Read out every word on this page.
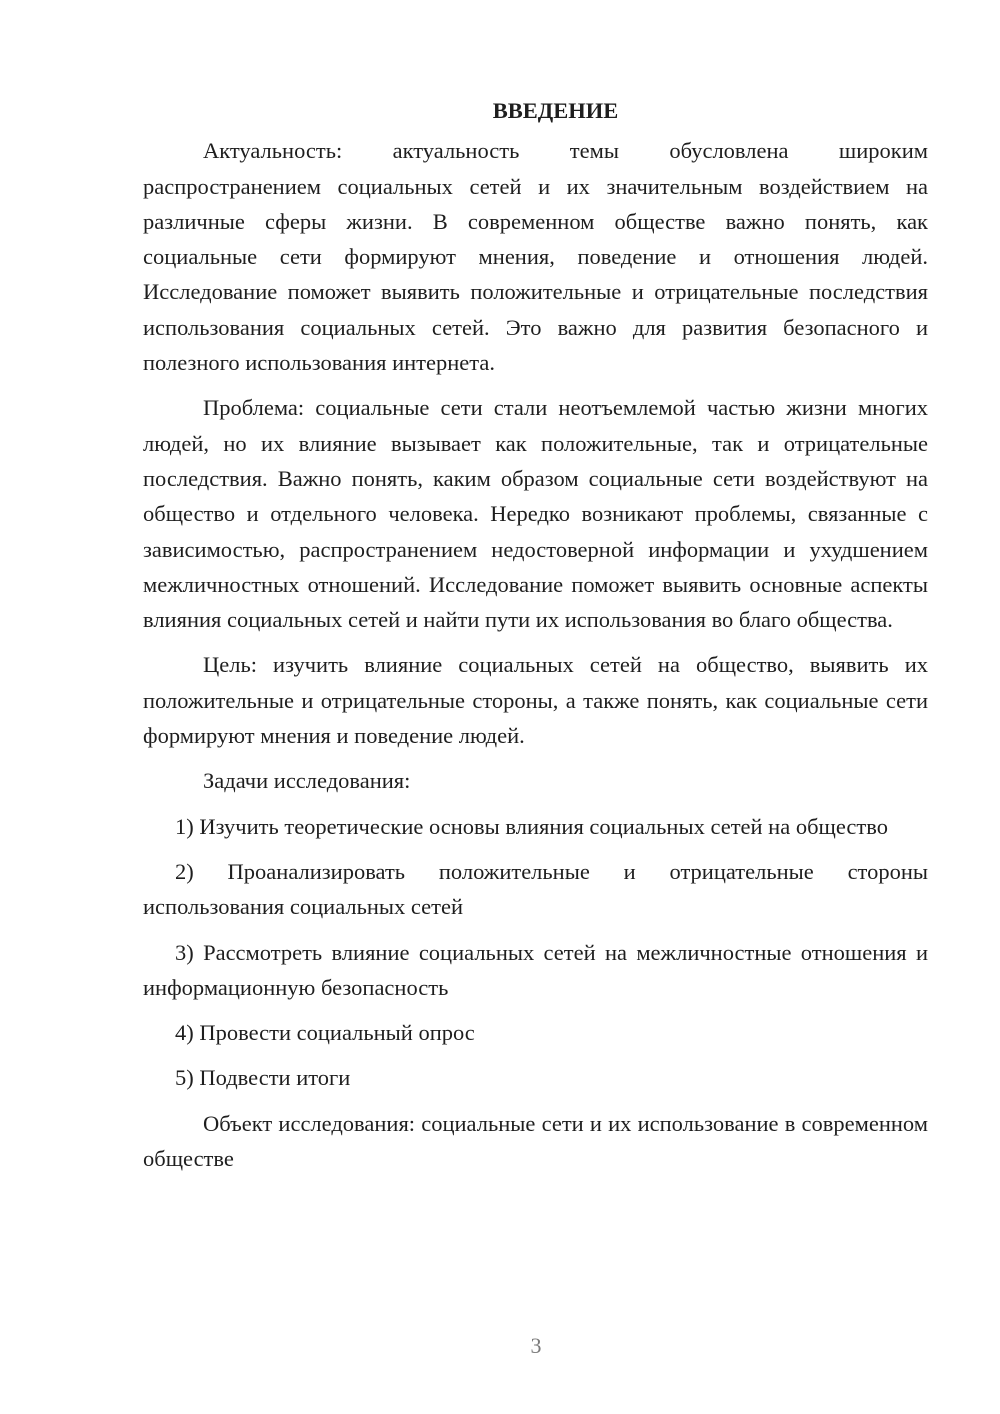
ВВЕДЕНИЕ

Актуальность: актуальность темы обусловлена широким распространением социальных сетей и их значительным воздействием на различные сферы жизни. В современном обществе важно понять, как социальные сети формируют мнения, поведение и отношения людей. Исследование поможет выявить положительные и отрицательные последствия использования социальных сетей. Это важно для развития безопасного и полезного использования интернета.

Проблема: социальные сети стали неотъемлемой частью жизни многих людей, но их влияние вызывает как положительные, так и отрицательные последствия. Важно понять, каким образом социальные сети воздействуют на общество и отдельного человека. Нередко возникают проблемы, связанные с зависимостью, распространением недостоверной информации и ухудшением межличностных отношений. Исследование поможет выявить основные аспекты влияния социальных сетей и найти пути их использования во благо общества.

Цель: изучить влияние социальных сетей на общество, выявить их положительные и отрицательные стороны, а также понять, как социальные сети формируют мнения и поведение людей.

Задачи исследования:

1) Изучить теоретические основы влияния социальных сетей на общество

2) Проанализировать положительные и отрицательные стороны использования социальных сетей

3) Рассмотреть влияние социальных сетей на межличностные отношения и информационную безопасность

4) Провести социальный опрос

5) Подвести итоги

Объект исследования: социальные сети и их использование в современном обществе

3
